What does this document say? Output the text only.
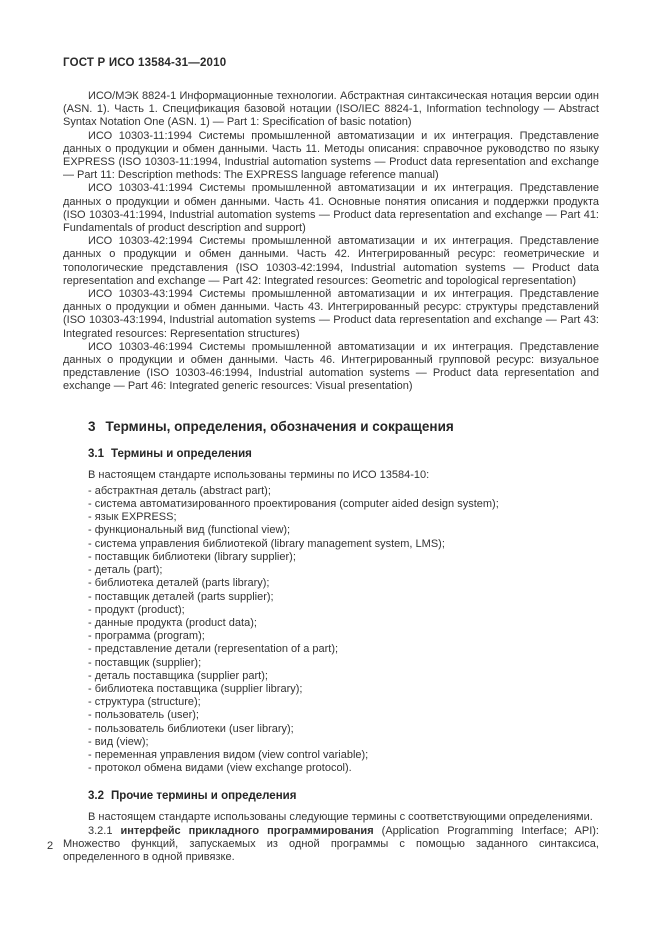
ГОСТ Р ИСО 13584-31—2010

ИСО/МЭК 8824-1 Информационные технологии. Абстрактная синтаксическая нотация версии один (ASN. 1). Часть 1. Спецификация базовой нотации (ISO/IEC 8824-1, Information technology — Abstract Syntax Notation One (ASN. 1) — Part 1: Specification of basic notation)

ИСО 10303-11:1994 Системы промышленной автоматизации и их интеграция. Представление данных о продукции и обмен данными. Часть 11. Методы описания: справочное руководство по языку EXPRESS (ISO 10303-11:1994, Industrial automation systems — Product data representation and exchange — Part 11: Description methods: The EXPRESS language reference manual)

ИСО 10303-41:1994 Системы промышленной автоматизации и их интеграция. Представление данных о продукции и обмен данными. Часть 41. Основные понятия описания и поддержки продукта (ISO 10303-41:1994, Industrial automation systems — Product data representation and exchange — Part 41: Fundamentals of product description and support)

ИСО 10303-42:1994 Системы промышленной автоматизации и их интеграция. Представление данных о продукции и обмен данными. Часть 42. Интегрированный ресурс: геометрические и топологические представления (ISO 10303-42:1994, Industrial automation systems — Product data representation and exchange — Part 42: Integrated resources: Geometric and topological representation)

ИСО 10303-43:1994 Системы промышленной автоматизации и их интеграция. Представление данных о продукции и обмен данными. Часть 43. Интегрированный ресурс: структуры представлений (ISO 10303-43:1994, Industrial automation systems — Product data representation and exchange — Part 43: Integrated resources: Representation structures)

ИСО 10303-46:1994 Системы промышленной автоматизации и их интеграция. Представление данных о продукции и обмен данными. Часть 46. Интегрированный групповой ресурс: визуальное представление (ISO 10303-46:1994, Industrial automation systems — Product data representation and exchange — Part 46: Integrated generic resources: Visual presentation)

3 Термины, определения, обозначения и сокращения
3.1 Термины и определения

В настоящем стандарте использованы термины по ИСО 13584-10:

- абстрактная деталь (abstract part);

- система автоматизированного проектирования (computer aided design system);

- язык EXPRESS;

- функциональный вид (functional view);

- система управления библиотекой (library management system, LMS);

- поставщик библиотеки (library supplier);

- деталь (part);

- библиотека деталей (parts library);

- поставщик деталей (parts supplier);

- продукт (product);

- данные продукта (product data);

- программа (program);

- представление детали (representation of a part);

- поставщик (supplier);

- деталь поставщика (supplier part);

- библиотека поставщика (supplier library);

- структура (structure);

- пользователь (user);

- пользователь библиотеки (user library);

- вид (view);

- переменная управления видом (view control variable);

- протокол обмена видами (view exchange protocol).

3.2 Прочие термины и определения

В настоящем стандарте использованы следующие термины с соответствующими определениями.

3.2.1 интерфейс прикладного программирования (Application Programming Interface; API): Множество функций, запускаемых из одной программы с помощью заданного синтаксиса, определенного в одной привязке.

2
